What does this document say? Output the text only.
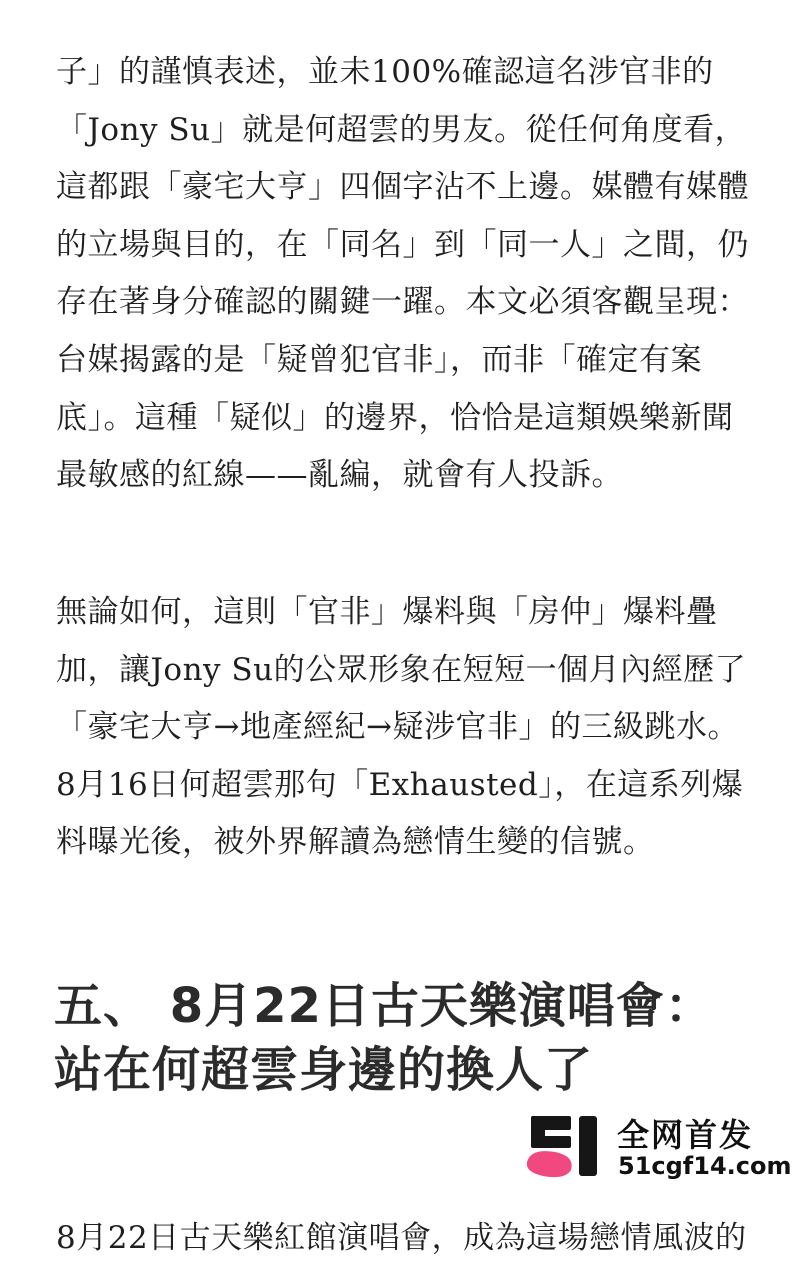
子」的謹慎表述，並未100%確認這名涉官非的

「Jony Su」就是何超雲的男友。從任何角度看，

這都跟「豪宅大亨」四個字沾不上邊。媒體有媒體

的立場與目的，在「同名」到「同一人」之間，仍

存在著身分確認的關鍵一躍。本文必須客觀呈現：

台媒揭露的是「疑曾犯官非」，而非「確定有案

底」。這種「疑似」的邊界，恰恰是這類娛樂新聞

最敏感的紅線——亂編，就會有人投訴。

無論如何，這則「官非」爆料與「房仲」爆料疊

加，讓Jony Su的公眾形象在短短一個月內經歷了

「豪宅大亨→地產經紀→疑涉官非」的三級跳水。

8月16日何超雲那句「Exhausted」，在這系列爆

料曝光後，被外界解讀為戀情生變的信號。

五、 8月22日古天樂演唱會：
站在何超雲身邊的換人了

8月22日古天樂紅館演唱會，成為這場戀情風波的

全网首发
51cgf14.com
